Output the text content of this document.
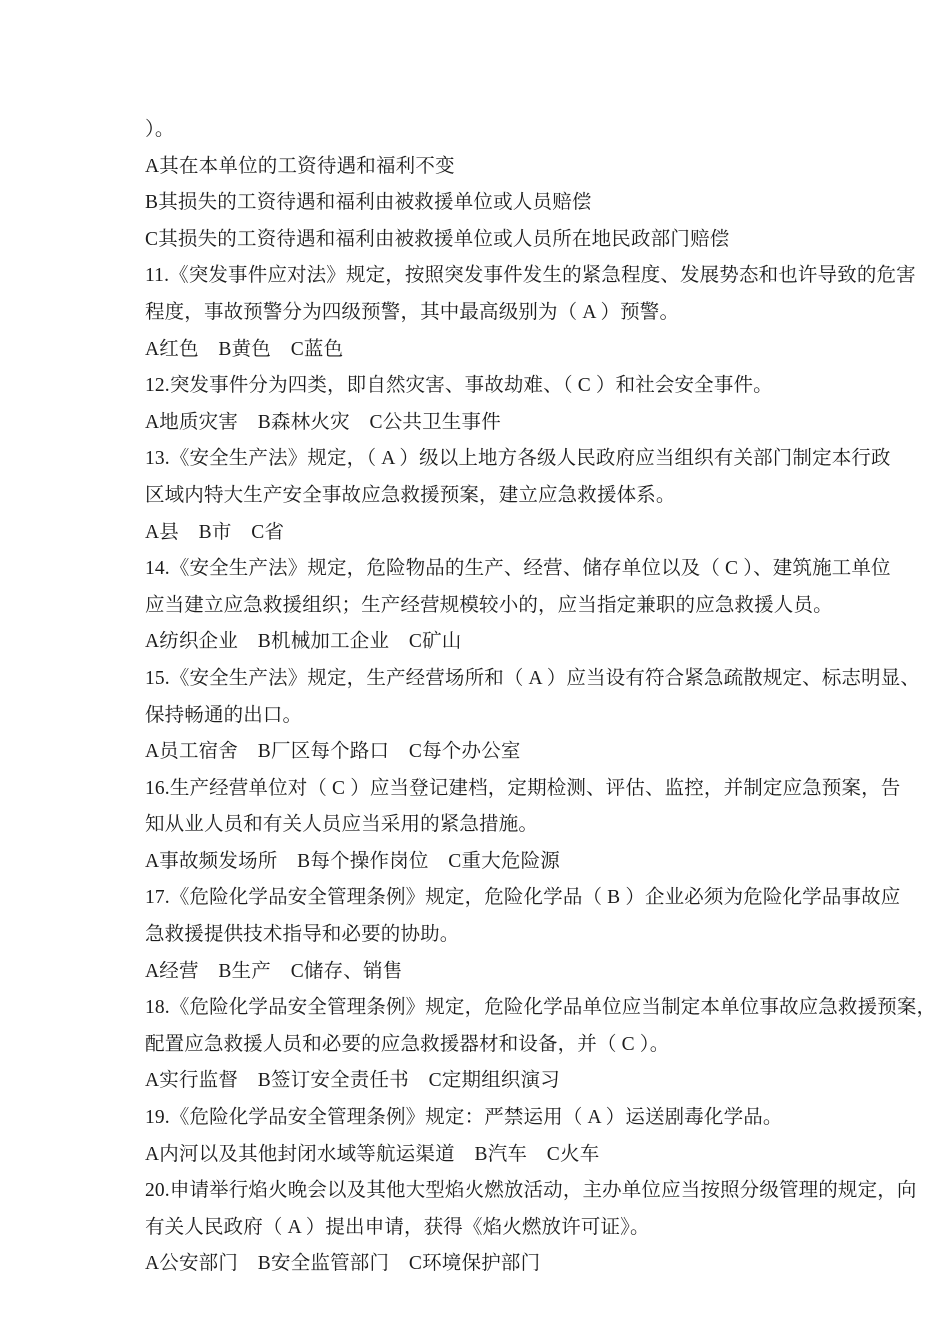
）。
A其在本单位的工资待遇和福利不变
B其损失的工资待遇和福利由被救援单位或人员赔偿
C其损失的工资待遇和福利由被救援单位或人员所在地民政部门赔偿
11.《突发事件应对法》规定，按照突发事件发生的紧急程度、发展势态和也许导致的危害
程度，事故预警分为四级预警，其中最高级别为（ A ）预警。
A红色　B黄色　C蓝色
12.突发事件分为四类，即自然灾害、事故劫难、（ C ）和社会安全事件。
A地质灾害　B森林火灾　C公共卫生事件
13.《安全生产法》规定，（ A ）级以上地方各级人民政府应当组织有关部门制定本行政
区域内特大生产安全事故应急救援预案，建立应急救援体系。
A县　B市　C省
14.《安全生产法》规定，危险物品的生产、经营、储存单位以及（ C ）、建筑施工单位
应当建立应急救援组织；生产经营规模较小的，应当指定兼职的应急救援人员。
A纺织企业　B机械加工企业　C矿山
15.《安全生产法》规定，生产经营场所和（ A ）应当设有符合紧急疏散规定、标志明显、
保持畅通的出口。
A员工宿舍　B厂区每个路口　C每个办公室
16.生产经营单位对（ C ）应当登记建档，定期检测、评估、监控，并制定应急预案，告
知从业人员和有关人员应当采用的紧急措施。
A事故频发场所　B每个操作岗位　C重大危险源
17.《危险化学品安全管理条例》规定，危险化学品（ B ）企业必须为危险化学品事故应
急救援提供技术指导和必要的协助。
A经营　B生产　C储存、销售
18.《危险化学品安全管理条例》规定，危险化学品单位应当制定本单位事故应急救援预案，
配置应急救援人员和必要的应急救援器材和设备，并（ C ）。
A实行监督　B签订安全责任书　C定期组织演习
19.《危险化学品安全管理条例》规定：严禁运用（ A ）运送剧毒化学品。
A内河以及其他封闭水域等航运渠道　B汽车　C火车
20.申请举行焰火晚会以及其他大型焰火燃放活动，主办单位应当按照分级管理的规定，向
有关人民政府（ A ）提出申请，获得《焰火燃放许可证》。
A公安部门　B安全监管部门　C环境保护部门
